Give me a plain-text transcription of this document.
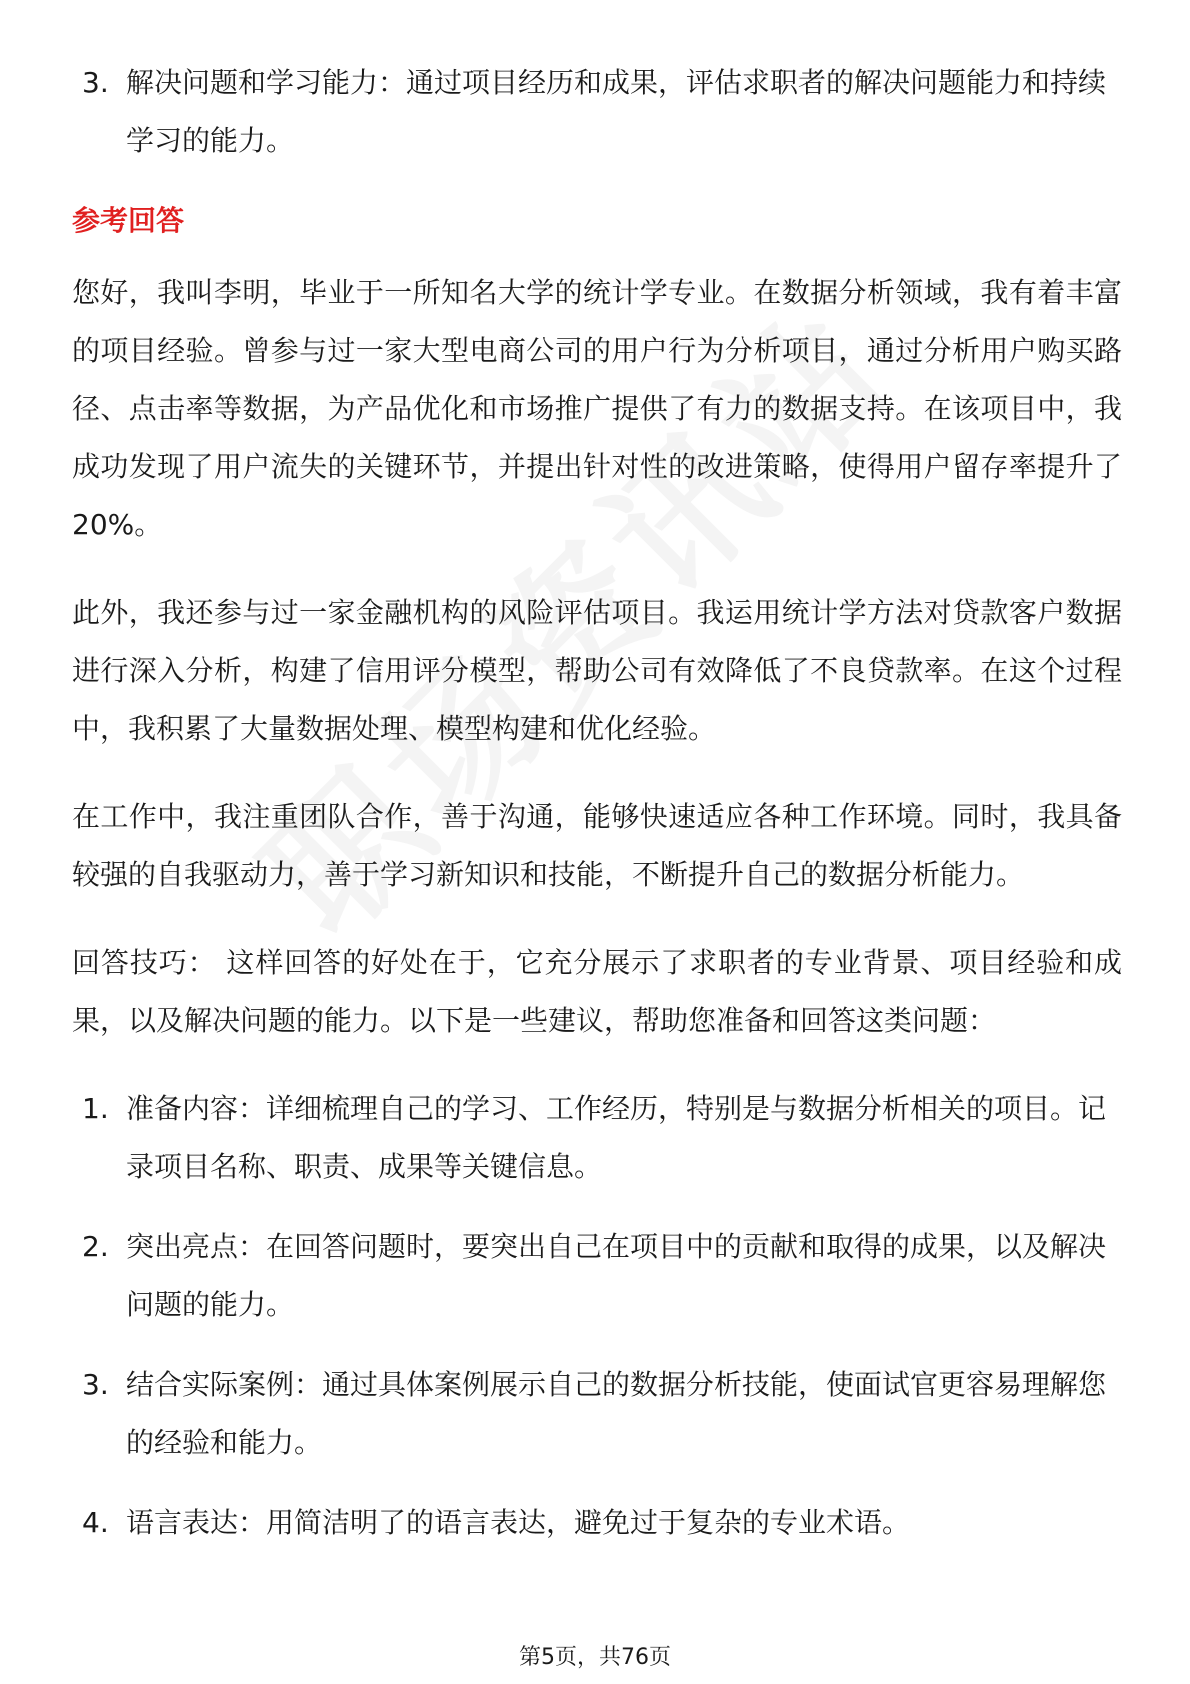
3. 解决问题和学习能力：通过项目经历和成果，评估求职者的解决问题能力和持续学习的能力。
参考回答
您好，我叫李明，毕业于一所知名大学的统计学专业。在数据分析领域，我有着丰富的项目经验。曾参与过一家大型电商公司的用户行为分析项目，通过分析用户购买路径、点击率等数据，为产品优化和市场推广提供了有力的数据支持。在该项目中，我成功发现了用户流失的关键环节，并提出针对性的改进策略，使得用户留存率提升了20%。
此外，我还参与过一家金融机构的风险评估项目。我运用统计学方法对贷款客户数据进行深入分析，构建了信用评分模型，帮助公司有效降低了不良贷款率。在这个过程中，我积累了大量数据处理、模型构建和优化经验。
在工作中，我注重团队合作，善于沟通，能够快速适应各种工作环境。同时，我具备较强的自我驱动力，善于学习新知识和技能，不断提升自己的数据分析能力。
回答技巧： 这样回答的好处在于，它充分展示了求职者的专业背景、项目经验和成果，以及解决问题的能力。以下是一些建议，帮助您准备和回答这类问题：
1. 准备内容：详细梳理自己的学习、工作经历，特别是与数据分析相关的项目。记录项目名称、职责、成果等关键信息。
2. 突出亮点：在回答问题时，要突出自己在项目中的贡献和取得的成果，以及解决问题的能力。
3. 结合实际案例：通过具体案例展示自己的数据分析技能，使面试官更容易理解您的经验和能力。
4. 语言表达：用简洁明了的语言表达，避免过于复杂的专业术语。
第5页，共76页
